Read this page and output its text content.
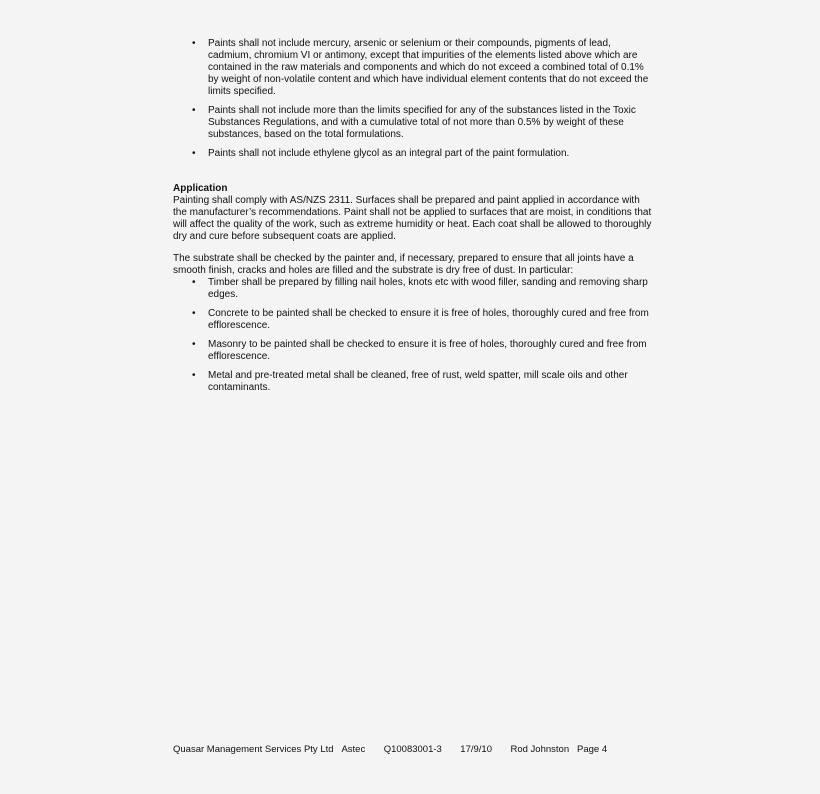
• Paints shall not include mercury, arsenic or selenium or their compounds, pigments of lead, cadmium, chromium VI or antimony, except that impurities of the elements listed above which are contained in the raw materials and components and which do not exceed a combined total of 0.1% by weight of non-volatile content and which have individual element contents that do not exceed the limits specified.
• Paints shall not include more than the limits specified for any of the substances listed in the Toxic Substances Regulations, and with a cumulative total of not more than 0.5% by weight of these substances, based on the total formulations.
• Paints shall not include ethylene glycol as an integral part of the paint formulation.
Application

Painting shall comply with AS/NZS 2311. Surfaces shall be prepared and paint applied in accordance with the manufacturer’s recommendations. Paint shall not be applied to surfaces that are moist, in conditions that will affect the quality of the work, such as extreme humidity or heat. Each coat shall be allowed to thoroughly dry and cure before subsequent coats are applied.

The substrate shall be checked by the painter and, if necessary, prepared to ensure that all joints have a smooth finish, cracks and holes are filled and the substrate is dry free of dust. In particular:

• Timber shall be prepared by filling nail holes, knots etc with wood filler, sanding and removing sharp edges.
• Concrete to be painted shall be checked to ensure it is free of holes, thoroughly cured and free from efflorescence.
• Masonry to be painted shall be checked to ensure it is free of holes, thoroughly cured and free from efflorescence.
• Metal and pre-treated metal shall be cleaned, free of rust, weld spatter, mill scale oils and other contaminants.
Quasar Management Services Pty Ltd Astec Q10083001-3 17/9/10 Rod Johnston Page 4
